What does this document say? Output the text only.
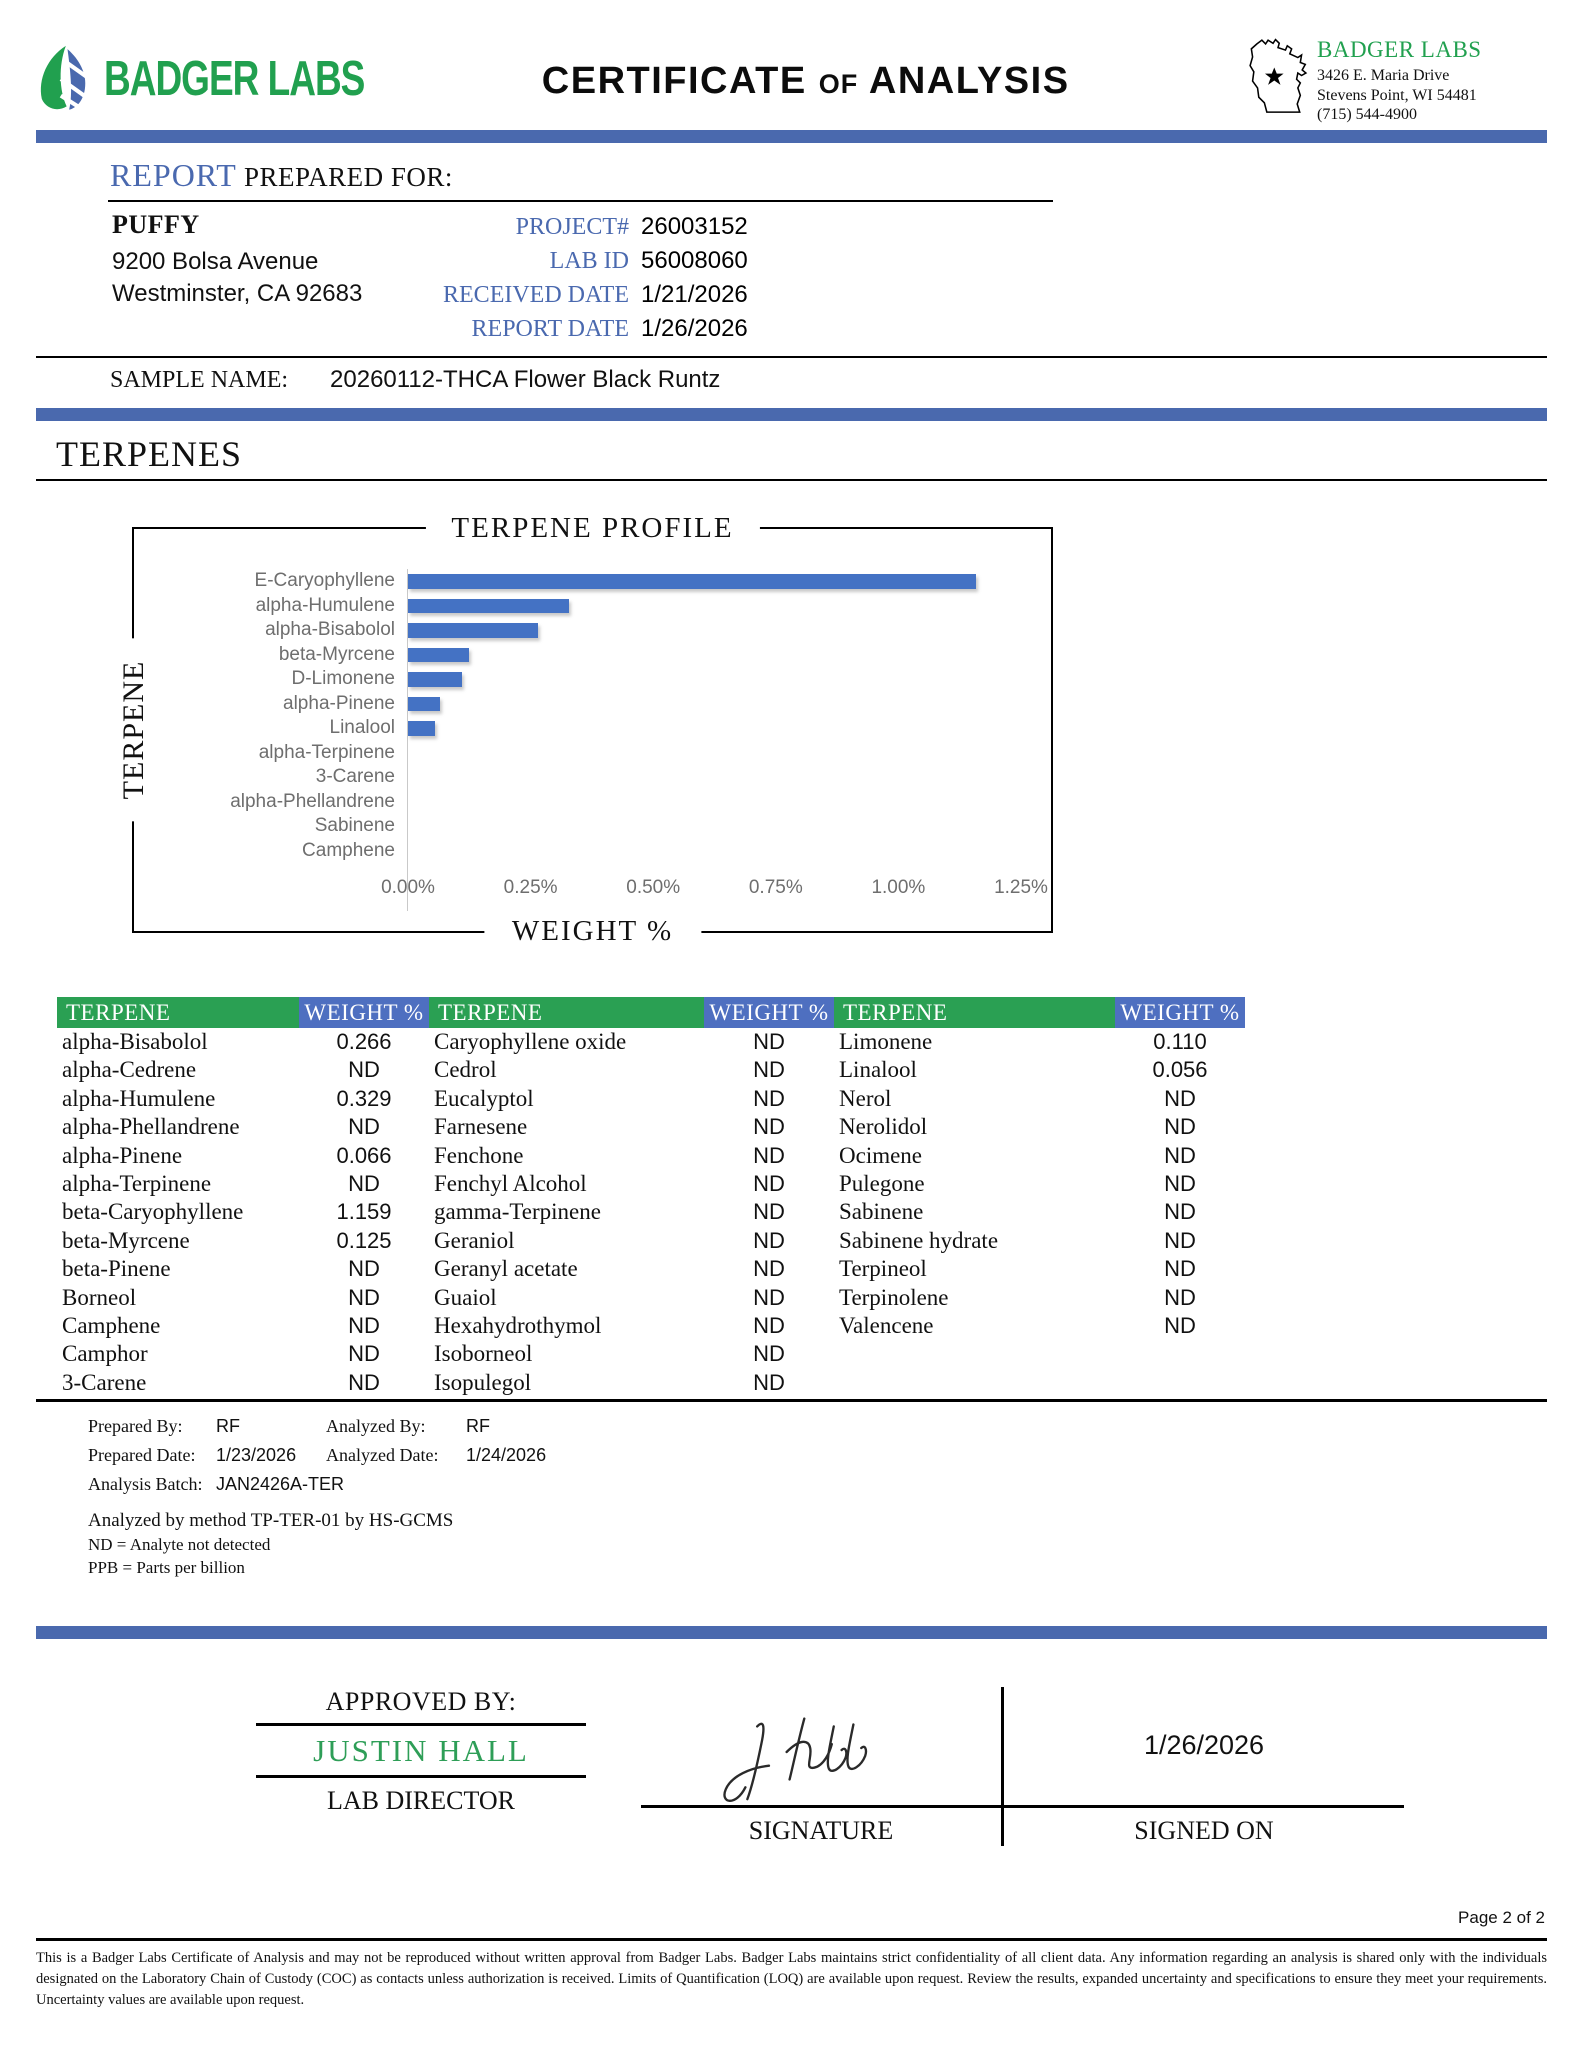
BADGER LABS	CERTIFICATE OF ANALYSIS
BADGER LABS
3426 E. Maria Drive
Stevens Point, WI 54481
(715) 544-4900
REPORT PREPARED FOR:
PUFFY
9200 Bolsa Avenue
Westminster, CA 92683
PROJECT# 26003152
LAB ID 56008060
RECEIVED DATE 1/21/2026
REPORT DATE 1/26/2026
SAMPLE NAME: 20260112-THCA Flower Black Runtz
TERPENES
TERPENE PROFILE
TERPENE
WEIGHT %
E-Caryophyllene
alpha-Humulene
alpha-Bisabolol
beta-Myrcene
D-Limonene
alpha-Pinene
Linalool
alpha-Terpinene
3-Carene
alpha-Phellandrene
Sabinene
Camphene
0.00%	0.25%	0.50%	0.75%	1.00%	1.25%
TERPENE	WEIGHT %
alpha-Bisabolol	0.266
alpha-Cedrene	ND
alpha-Humulene	0.329
alpha-Phellandrene	ND
alpha-Pinene	0.066
alpha-Terpinene	ND
beta-Caryophyllene	1.159
beta-Myrcene	0.125
beta-Pinene	ND
Borneol	ND
Camphene	ND
Camphor	ND
3-Carene	ND
TERPENE	WEIGHT %
Caryophyllene oxide	ND
Cedrol	ND
Eucalyptol	ND
Farnesene	ND
Fenchone	ND
Fenchyl Alcohol	ND
gamma-Terpinene	ND
Geraniol	ND
Geranyl acetate	ND
Guaiol	ND
Hexahydrothymol	ND
Isoborneol	ND
Isopulegol	ND
TERPENE	WEIGHT %
Limonene	0.110
Linalool	0.056
Nerol	ND
Nerolidol	ND
Ocimene	ND
Pulegone	ND
Sabinene	ND
Sabinene hydrate	ND
Terpineol	ND
Terpinolene	ND
Valencene	ND
Prepared By:	RF	Analyzed By:	RF
Prepared Date:	1/23/2026	Analyzed Date:	1/24/2026
Analysis Batch: JAN2426A-TER
Analyzed by method TP-TER-01 by HS-GCMS
ND = Analyte not detected
PPB = Parts per billion
APPROVED BY:
JUSTIN HALL
LAB DIRECTOR
SIGNATURE
1/26/2026
SIGNED ON
Page 2 of 2
This is a Badger Labs Certificate of Analysis and may not be reproduced without written approval from Badger Labs. Badger Labs maintains strict confidentiality of all client data. Any information regarding an analysis is shared only with the individuals designated on the Laboratory Chain of Custody (COC) as contacts unless authorization is received. Limits of Quantification (LOQ) are available upon request. Review the results, expanded uncertainty and specifications to ensure they meet your requirements. Uncertainty values are available upon request.
